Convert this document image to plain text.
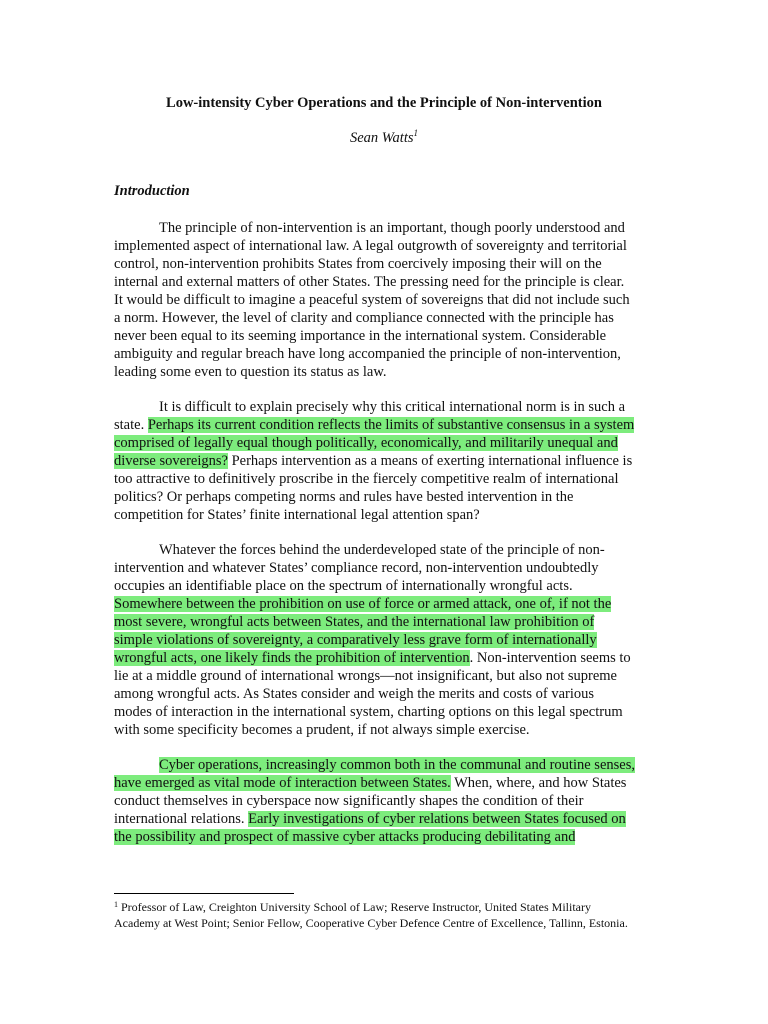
Low-intensity Cyber Operations and the Principle of Non-intervention
Sean Watts$^1$
Introduction
The principle of non-intervention is an important, though poorly understood and
implemented aspect of international law. A legal outgrowth of sovereignty and territorial
control, non-intervention prohibits States from coercively imposing their will on the
internal and external matters of other States. The pressing need for the principle is clear.
It would be difficult to imagine a peaceful system of sovereigns that did not include such
a norm. However, the level of clarity and compliance connected with the principle has
never been equal to its seeming importance in the international system. Considerable
ambiguity and regular breach have long accompanied the principle of non-intervention,
leading some even to question its status as law.
It is difficult to explain precisely why this critical international norm is in such a
state. Perhaps its current condition reflects the limits of substantive consensus in a system
comprised of legally equal though politically, economically, and militarily unequal and
diverse sovereigns? Perhaps intervention as a means of exerting international influence is
too attractive to definitively proscribe in the fiercely competitive realm of international
politics? Or perhaps competing norms and rules have bested intervention in the
competition for States’ finite international legal attention span?
Whatever the forces behind the underdeveloped state of the principle of non-
intervention and whatever States’ compliance record, non-intervention undoubtedly
occupies an identifiable place on the spectrum of internationally wrongful acts.
Somewhere between the prohibition on use of force or armed attack, one of, if not the
most severe, wrongful acts between States, and the international law prohibition of
simple violations of sovereignty, a comparatively less grave form of internationally
wrongful acts, one likely finds the prohibition of intervention. Non-intervention seems to
lie at a middle ground of international wrongs—not insignificant, but also not supreme
among wrongful acts. As States consider and weigh the merits and costs of various
modes of interaction in the international system, charting options on this legal spectrum
with some specificity becomes a prudent, if not always simple exercise.
Cyber operations, increasingly common both in the communal and routine senses,
have emerged as vital mode of interaction between States. When, where, and how States
conduct themselves in cyberspace now significantly shapes the condition of their
international relations. Early investigations of cyber relations between States focused on
the possibility and prospect of massive cyber attacks producing debilitating and
$^1$ Professor of Law, Creighton University School of Law; Reserve Instructor, United States Military
Academy at West Point; Senior Fellow, Cooperative Cyber Defence Centre of Excellence, Tallinn, Estonia.
